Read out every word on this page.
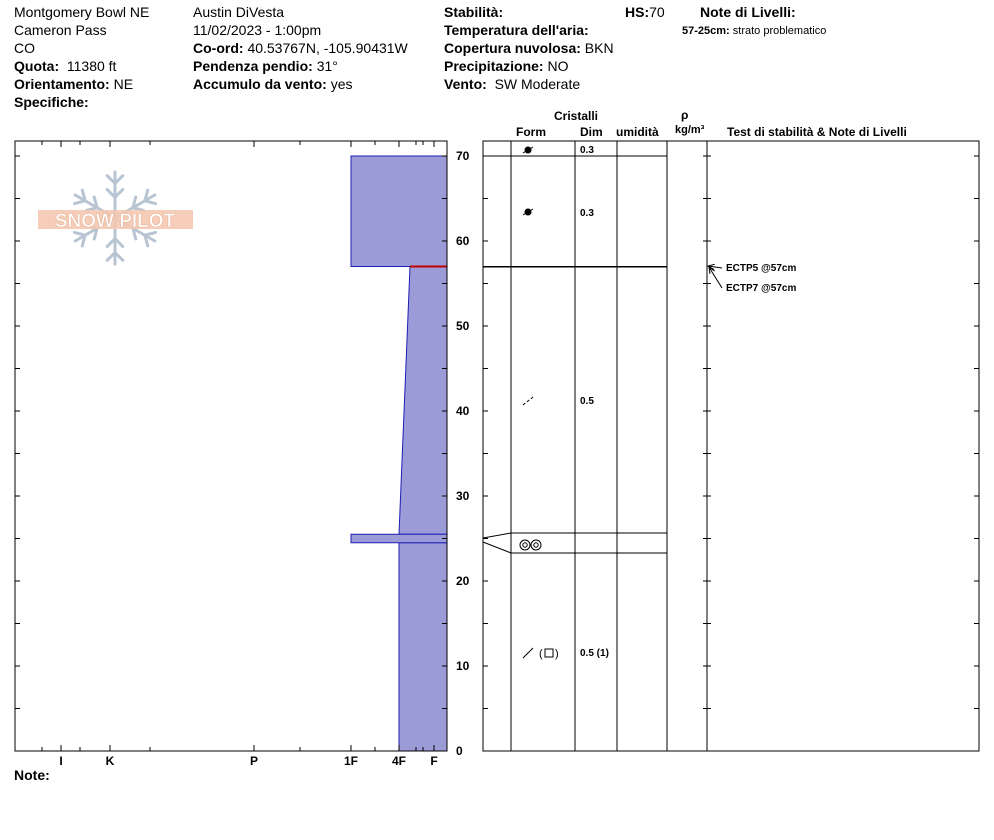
Montgomery Bowl NE
Cameron Pass
CO
Quota: 11380 ft
Orientamento: NE
Specifiche:
Austin DiVesta
11/02/2023 - 1:00pm
Co-ord: 40.53767N, -105.90431W
Pendenza pendio: 31°
Accumulo da vento: yes
Stabilità:
Temperatura dell'aria:
Copertura nuvolosa: BKN
Precipitazione: NO
Vento: SW Moderate
HS:70	Note di Livelli:
57-25cm: strato problematico
Cristalli
Form	Dim umidità
ρ
kg/m³ Test di stabilità & Note di Livelli
0.3
0.3
0.5
0.5 (1)
ECTP5 @57cm
ECTP7 @57cm
Note:
SNOW PILOT
0
10
20
30
40
50
60
70
I	K	P	1F	4F F
( )
